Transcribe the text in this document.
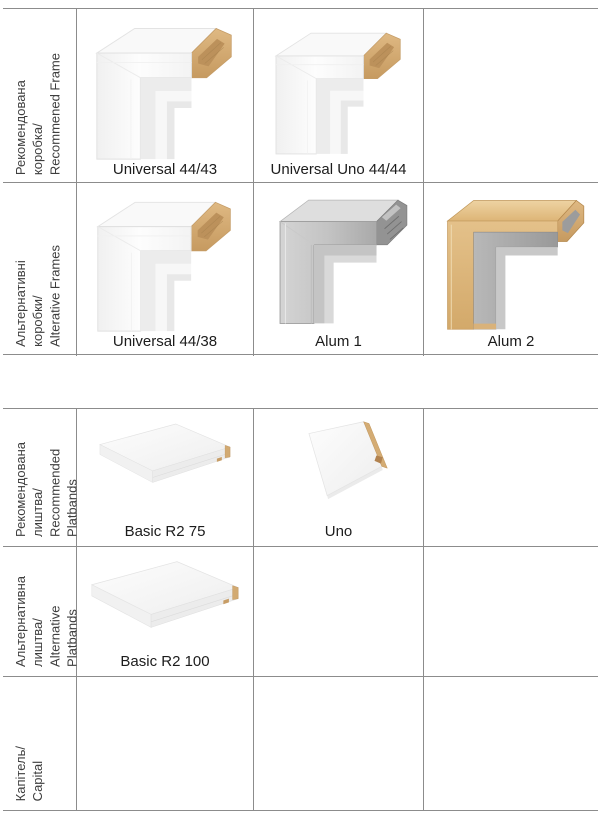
Рекомендована коробка/ Recommened Frame	Universal 44/43	Universal Uno 44/44
Альтернативні коробки/ Alterative Frames	Universal 44/38	Alum 1	Alum 2
Рекомендована лиштва/ Recommended Platbands	Basic R2 75	Uno
Альтернативна лиштва/ Alternative Platbands	Basic R2 100
Капітель/ Capital
